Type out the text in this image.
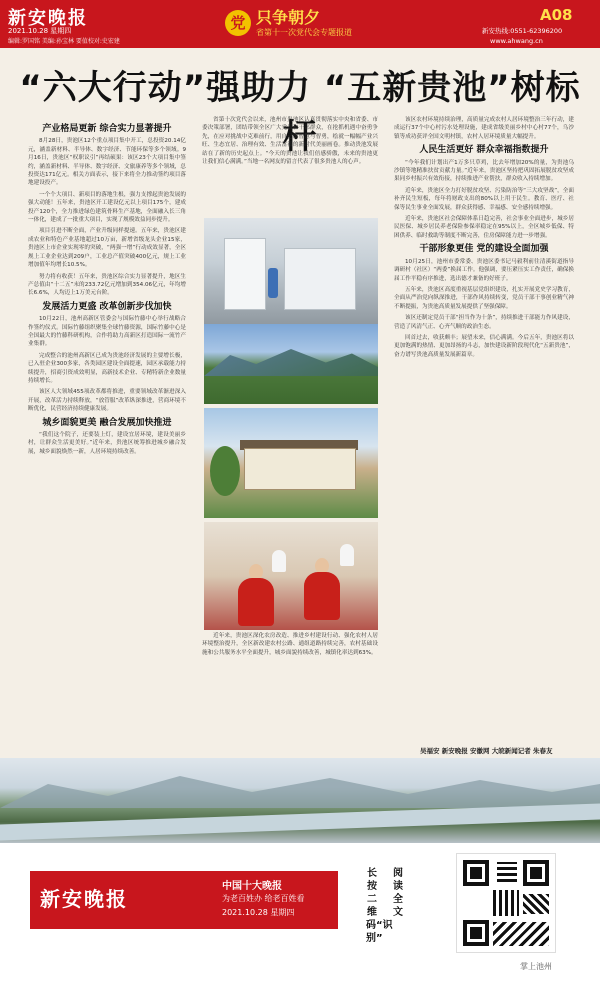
新安晚报
2021.10.28 星期四
编辑:罗国铭 美编:孙宝林 要值校对:史宏建
党 只争朝夕
省第十一次党代会专题报道
A08
新安热线:0551-62396200
www.ahwang.cn
“六大行动”强助力 “五新贵池”树标杆
产业格局更新 综合实力显著提升

8月28日，贵池区12个重点项目集中开工，总投资20.14亿元，涵盖新材料、半导体、数字经济、节能环保等多个领域。9月16日，贵池区“权职议引”再结硕果：该区23个大项目集中签约，涵盖新材料、半导体、数字经济、文旅康养等多个领域，总投资达171亿元。相关方面表示，接下来将全力推动签约项目落地建设投产。

一个个大项目、新项目的落地生根，强力支撑起贵池发展的强大动能！五年来，贵池区开工建设亿元以上项目175个，建成投产120个，全力推进绿色建筑骨料生产基地，全面融入长三角一体化，建成了一批重大项目，实现了规模效益同步提升。

项目引进不断全面，产业升级同样提速。五年来，贵池区建成农业和特色产业基地超过10万亩，新增省级龙头企业15家，贵池区上市企业实现零的突破，“两强一增”行动成效显著，全区规上工业企业达到209户，工业总产值突破400亿元，规上工业增加值年均增长10.5%。

努力将有收获！五年来，贵池区综合实力显著提升，地区生产总值由“十二五”末的233.72亿元增加到354.06亿元，年均增长6.6%，人均迈上1万美元台阶。

发展活力更盛 改革创新步伐加快

10月22日，池州高新区管委会与国际竹藤中心举行战略合作签约仪式。国际竹藤组织聚集全球竹藤资源，国际竹藤中心是全国最大的竹藤科研机构，合作将助力高新区打造国际一流竹产业集群。

完成整合的池州高新区已成为贵池经济发展的主要增长极，已入驻企业300多家，各类园区建设全面提速，园区承载能力持续提升，招商引资成效明显，高新技术企业、专精特新企业数量持续增长。

该区人大领域455项改革都将推进，重要领域改革渐进深入开展，改革活力持续释放，“放管服”改革纵深推进，营商环境不断优化，民营经济持续健康发展。

城乡面貌更美 融合发展加快推进

“我们这个院子，还要装上灯，建设宜居环境，建设美丽乡村，让群众生活更美好。”近年来，贵池区统筹推进城乡融合发展，城乡面貌焕然一新，人居环境持续改善。

省第十次党代会以来，池州市贵池区认真贯彻落实中央和省委、市委决策部署，团结带领全区广大党员和干部群众，在抢抓机遇中奋勇争先，在应对挑战中克难前行，用自己的智慧与智勇，绘就一幅幅产业兴旺、生态宜居、治理有效、生活富裕的新时代美丽画卷。推动贵池发展站在了新的历史起点上。“今天的贵池让我们倍感骄傲，未来的贵池更让我们信心满满。”当地一名网友的留言代表了很多贵池人的心声。

近年来，贵池区深化农房改造、推进乡村建设行动、强化农村人居环境整治提升，全区新改建农村公路、通组道路持续完善，农村基础设施和公共服务水平全面提升，城乡面貌持续改善，城镇化率达到63%。

该区农村环境持续治理，高质量完成农村人居环境整治三年行动，建成运行37个中心村污水处理设施，建成省级美丽乡村中心村77个，乌沙镇等成功获评全国文明村镇，农村人居环境质量大幅提升。

人民生活更好 群众幸福指数提升

“今年我们计划出产1万多只草鸡，比去年增加20%的量，为贵池乌沙镇等地精准扶贫贡献力量。”近年来，贵池区坚持把巩固拓展脱贫攻坚成果同乡村振兴有效衔接，持续推进产业帮扶，群众收入持续增加。

近年来，贵池区全力打好脱贫攻坚、污染防治等“三大攻坚战”，全面补齐民生短板，每年将财政支出的80%以上用于民生。教育、医疗、社保等民生事业全面发展，群众获得感、幸福感、安全感持续增强。

近年来，贵池区社会保障体系日趋完善，社会事业全面进步，城乡居民医保、城乡居民养老保险参保率稳定在95%以上，全区城乡低保、特困供养、临时救助等制度不断完善，住房保障能力进一步增强。

干部形象更佳 党的建设全面加强

10月25日，池州市委常委、贵池区委书记马毅利前往清溪街道指导调研村（社区）“两委”换届工作。他强调，要压紧压实工作责任，确保换届工作平稳有序推进，选出德才兼备的好班子。

五年来，贵池区高度重视基层党组织建设，扎实开展党史学习教育，全面从严治党向纵深推进，干部作风持续转变，党员干部干事创业精气神不断提振，为贵池高质量发展提供了坚强保障。

该区还制定党员干部“担当作为十条”，持续推进干部能力作风建设，营造了风清气正、心齐气顺的政治生态。

回首过去，收获颇丰；展望未来，信心满满。今后五年，贵池区将以更加饱满的热情、更加昂扬的斗志，加快建设新阶段现代化“五新贵池”，奋力谱写贵池高质量发展新篇章。

吴福安 新安晚报 安徽网 大皖新闻记者 朱春友
新安晚报
中国十大晚报
为老百姓办 给老百姓看
2021.10.28 星期四
长按二维码“识别”
阅读全文
掌上池州
